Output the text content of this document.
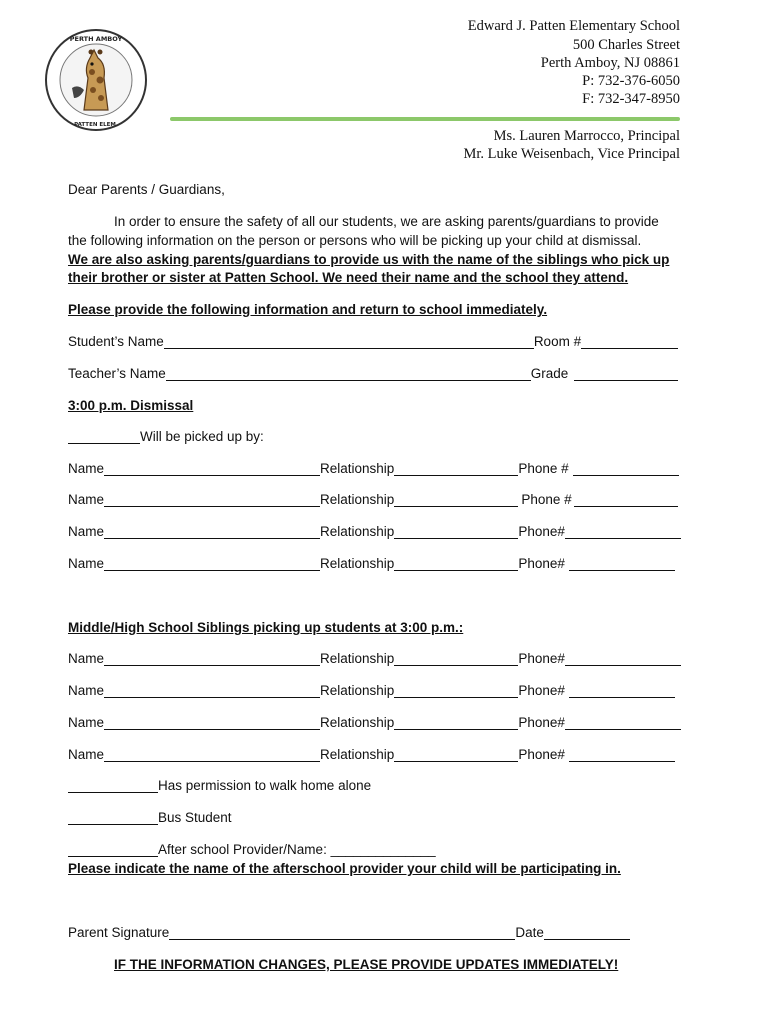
PERTH AMBOY
PATTEN ELEM.
Edward J. Patten Elementary School
500 Charles Street
Perth Amboy, NJ 08861
P: 732-376-6050
F: 732-347-8950
Ms. Lauren Marrocco, Principal
Mr. Luke Weisenbach, Vice Principal
Dear Parents / Guardians,
In order to ensure the safety of all our students, we are asking parents/guardians to provide
the following information on the person or persons who will be picking up your child at dismissal.
We are also asking parents/guardians to provide us with the name of the siblings who pick up
their brother or sister at Patten School. We need their name and the school they attend.
Please provide the following information and return to school immediately.
Student’s Name	Room #
Teacher’s Name	Grade
3:00 p.m. Dismissal
Will be picked up by:
Name	Relationship	Phone #
Name	Relationship	Phone #
Name	Relationship	Phone#
Name	Relationship	Phone#
Middle/High School Siblings picking up students at 3:00 p.m.:
Name	Relationship	Phone#
Name	Relationship	Phone#
Name	Relationship	Phone#
Name	Relationship	Phone#
Has permission to walk home alone
Bus Student
After school Provider/Name: ______________
Please indicate the name of the afterschool provider your child will be participating in.
Parent Signature	Date
IF THE INFORMATION CHANGES, PLEASE PROVIDE UPDATES IMMEDIATELY!
